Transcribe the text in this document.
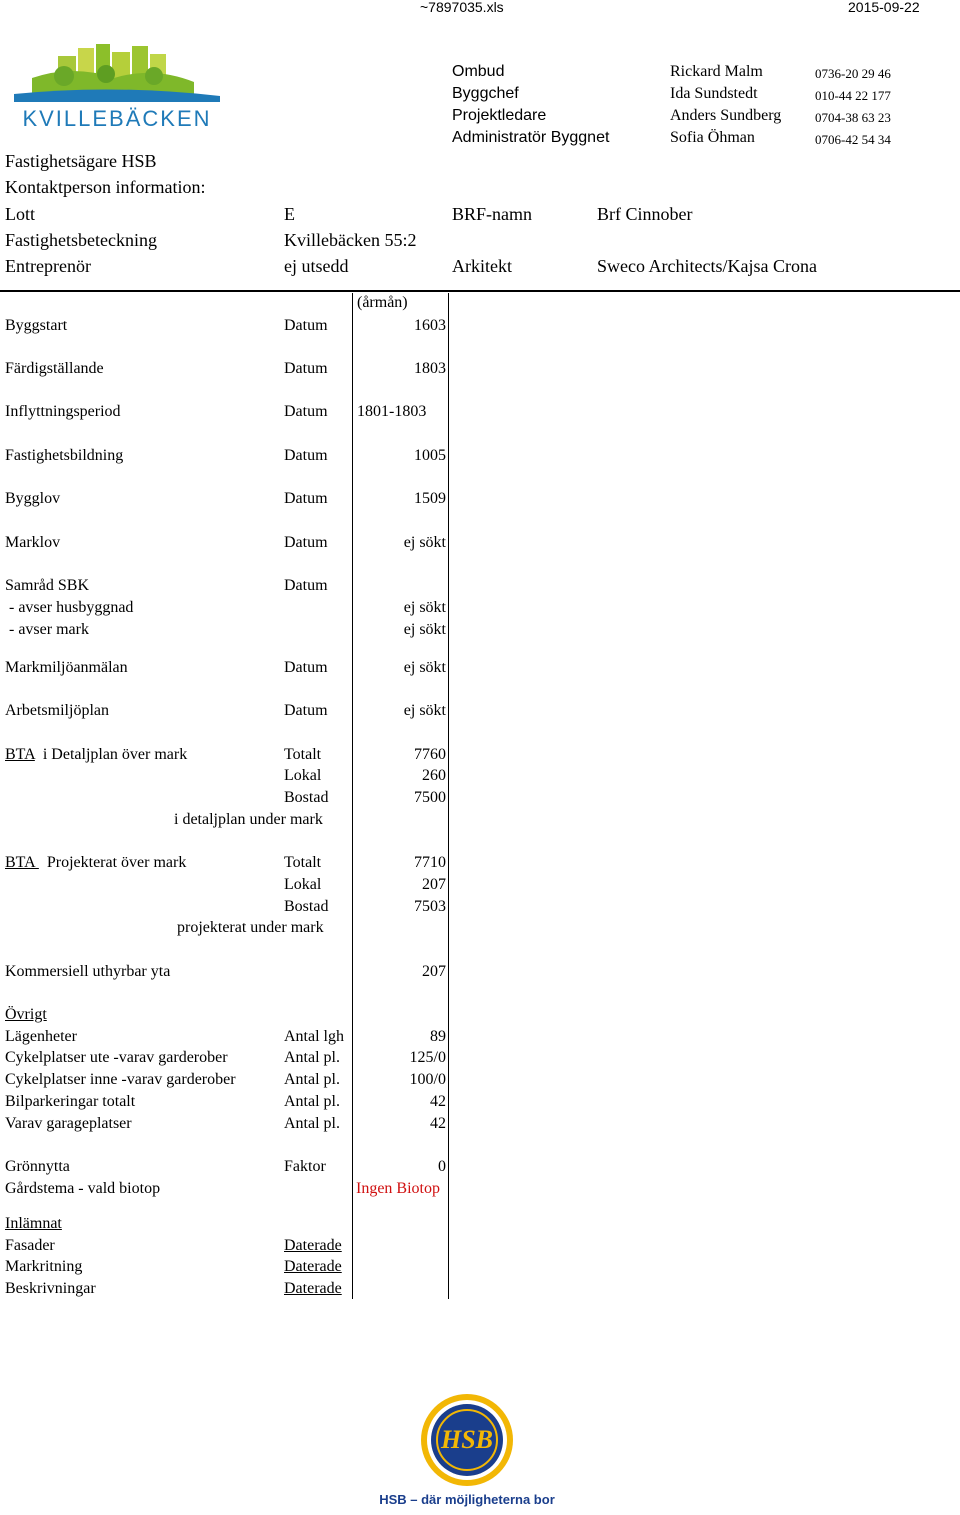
~7897035.xls	2015-09-22
KVILLEBÄCKEN
Ombud	Rickard Malm	0736-20 29 46
Byggchef	Ida Sundstedt	010-44 22 177
Projektledare	Anders Sundberg	0704-38 63 23
Administratör Byggnet	Sofia Öhman	0706-42 54 34
Fastighetsägare HSB
Kontaktperson information:
Lott	E	BRF-namn	Brf Cinnober
Fastighetsbeteckning	Kvillebäcken 55:2
Entreprenör	ej utsedd	Arkitekt	Sweco Architects/Kajsa Crona
(årmån)
Byggstart	Datum	1603
Färdigställande	Datum	1803
Inflyttningsperiod	Datum 1801-1803
Fastighetsbildning	Datum	1005
Bygglov	Datum	1509
Marklov	Datum	ej sökt
Samråd SBK	Datum
- avser husbyggnad	ej sökt
- avser mark	ej sökt
Markmiljöanmälan	Datum	ej sökt
Arbetsmiljöplan	Datum	ej sökt
BTA  i Detaljplan över mark	Totalt	7760
Lokal	260
Bostad	7500
i detaljplan under mark
BTA   Projekterat över mark	Totalt	7710
Lokal	207
Bostad	7503
projekterat under mark
Kommersiell uthyrbar yta	207
Övrigt
Lägenheter	Antal lgh	89
Cykelplatser ute -varav garderober	Antal pl.	125/0
Cykelplatser inne -varav garderober	Antal pl.	100/0
Bilparkeringar totalt	Antal pl.	42
Varav garageplatser	Antal pl.	42
Grönnytta	Faktor	0
Gårdstema - vald biotop	Ingen Biotop
Inlämnat
Fasader	Daterade
Markritning	Daterade
Beskrivningar	Daterade
HSB
HSB – där möjligheterna bor
